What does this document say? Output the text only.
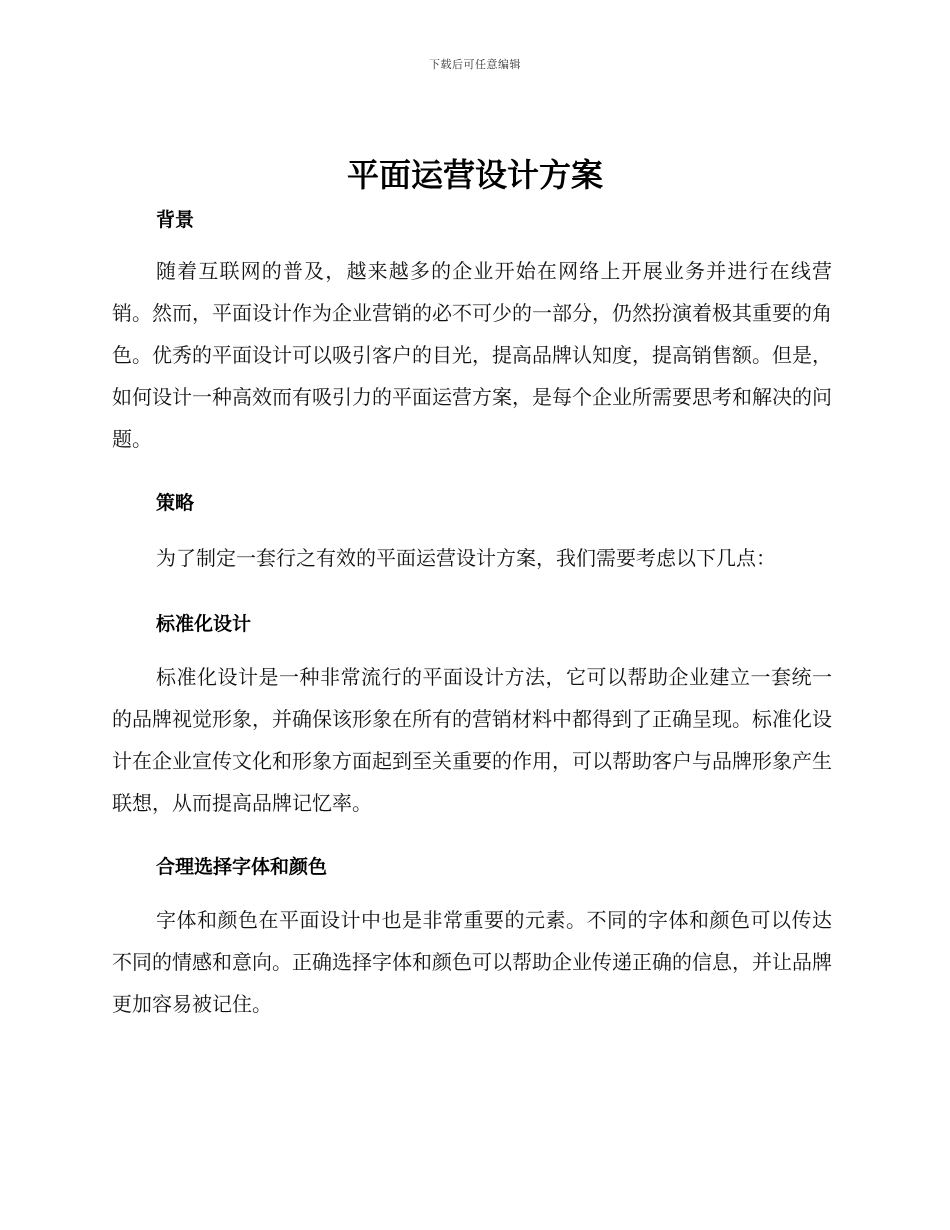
下载后可任意编辑
平面运营设计方案
背景

随着互联网的普及，越来越多的企业开始在网络上开展业务并进行在线营销。然而，平面设计作为企业营销的必不可少的一部分，仍然扮演着极其重要的角色。优秀的平面设计可以吸引客户的目光，提高品牌认知度，提高销售额。但是，如何设计一种高效而有吸引力的平面运营方案，是每个企业所需要思考和解决的问题。

策略

为了制定一套行之有效的平面运营设计方案，我们需要考虑以下几点：

标准化设计

标准化设计是一种非常流行的平面设计方法，它可以帮助企业建立一套统一的品牌视觉形象，并确保该形象在所有的营销材料中都得到了正确呈现。标准化设计在企业宣传文化和形象方面起到至关重要的作用，可以帮助客户与品牌形象产生联想，从而提高品牌记忆率。

合理选择字体和颜色

字体和颜色在平面设计中也是非常重要的元素。不同的字体和颜色可以传达不同的情感和意向。正确选择字体和颜色可以帮助企业传递正确的信息，并让品牌更加容易被记住。
